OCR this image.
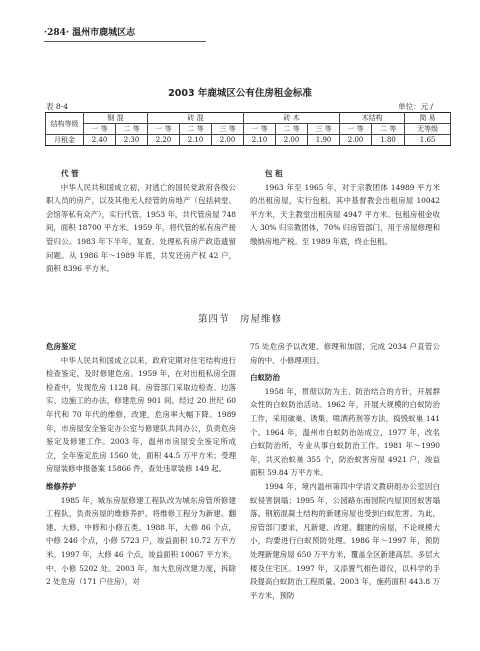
·284· 温州市鹿城区志
2003 年鹿城区公有住房租金标准
表 8-4	单位：元 /
结构等级	钢 混		砖 混			砖 木			木结构		简 易
	一 等	二 等	一 等	二 等	三 等	一 等	二 等	三 等	一 等	二 等	无等级
月租金	2.40	2.30	2.20	2.10	2.00	2.10	2.00	1.90	2.00	1.80	1.65

代 管

中华人民共和国成立初，对逃亡的国民党政府各级公职人员的房产，以及其他无人经管的房地产（包括祠堂、会馆等私有众产），实行代管。1953 年，共代管房屋 748 间，面积 18700 平方米。1959 年，将代管的私有房产接管归公。1983 年下半年，复查、处理私有房产政造遗留问题。从 1986 年～1989 年底，共发还房产权 42 户，面积 8396 平方米。

包 租

1963 年至 1965 年，对于宗教团体 14989 平方米的出租房屋，实行包租，其中基督教会出租房屋 10042 平方米，天主教堂出租房屋 4947 平方米。包租房租金收入 30% 归宗教团体，70% 归房管部门，用于房屋修理和缴纳房地产税。至 1989 年底，终止包租。

第四节　房屋维修

危房鉴定

中华人民共和国成立以来，政府定期对住宅结构进行检查鉴定，及时修建危房。1959 年，在对出租私房全面检查中，发现危房 1128 间。房管部门采取边检查、边落实、边施工的办法，修建危房 901 间。经过 20 世纪 60 年代和 70 年代的维修，改建，危房率大幅下降。1989 年，市房屋安全鉴定办公室与修建队共同办公，负责危房鉴定及修建工作。2003 年，温州市房屋安全鉴定所成立，全年鉴定危房 1560 处，面积 44.5 万平方米；受理房屋装修申报备案 15866 件，查处违章装修 149 起。

维修养护

1985 年，城东房屋修建工程队改为城东房管所修建工程队，负责房屋的维修养护。将维修工程分为新建、翻建、大修、中修和小修五类。1988 年，大修 86 个点，中修 246 个点，小修 5723 户，竣益面积 10.72 万平方米。1997 年，大修 46 个点，竣益面积 10067 平方米，中、小修 5202 处。2003 年，加大危房改建力度，拆除 2 处危房（171 户住房），对

75 处危房予以改建、修理和加固，完成 2034 户直管公房的中、小修理项目。

白蚁防治

1958 年，贯彻以防为主、防治结合的方针，开展群众性的白蚁防治活动。1962 年，开展大规模的白蚁防治工作，采用破巢、诱集、喷洒药剂等方法，捣毁蚁巢 141 个。1964 年，温州市白蚁防治站成立，1977 年，改名白蚁防治所，专业从事白蚁防治工作。1981 年～1990 年，共灭治蚁巢 355 个，防治蚁害房屋 4921 户，竣益面积 59.84 万平方米。

1994 年，境内温州第四中学语文教研组办公室因白蚁侵害倒塌；1995 年，公园路东南园院内屋顶因蚁害塌落。钢筋混凝土结构的新建房屋也受到白蚁危害。为此，房管部门要求，凡新建、改建、翻建的房屋，不论规模大小，均要进行白蚁预防处理。1986 年～1997 年，预防处理新建房屋 650 万平方米，覆盖全区新建高层、多层大楼及住宅区。1997 年，又添置气相色谱仪，以科学的手段提高白蚁防治工程质量。2003 年，施药面积 443.8 万平方米，预防
